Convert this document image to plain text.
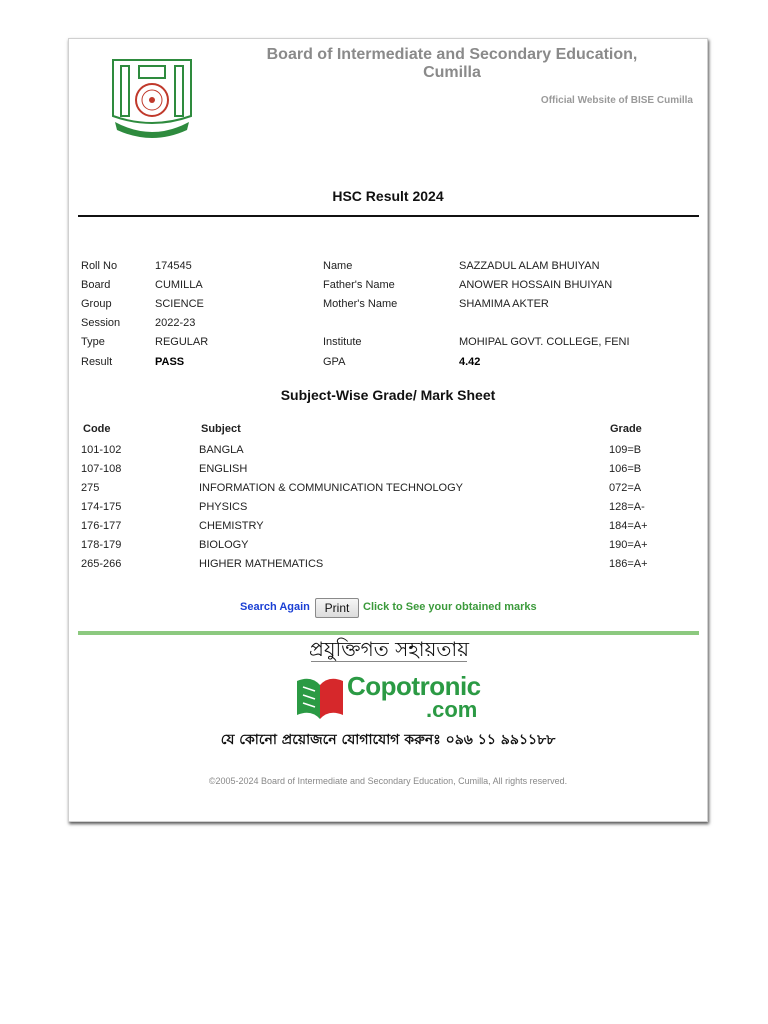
Board of Intermediate and Secondary Education, Cumilla
Official Website of BISE Cumilla
HSC Result 2024
Roll No	174545	Name	SAZZADUL ALAM BHUIYAN
Board	CUMILLA	Father's Name	ANOWER HOSSAIN BHUIYAN
Group	SCIENCE	Mother's Name	SHAMIMA AKTER
Session	2022-23
Type	REGULAR	Institute	MOHIPAL GOVT. COLLEGE, FENI
Result	PASS	GPA	4.42
Subject-Wise Grade/ Mark Sheet
Code	Subject	Grade
101-102	BANGLA	109=B
107-108	ENGLISH	106=B
275	INFORMATION & COMMUNICATION TECHNOLOGY	072=A
174-175	PHYSICS	128=A-
176-177	CHEMISTRY	184=A+
178-179	BIOLOGY	190=A+
265-266	HIGHER MATHEMATICS	186=A+
Search Again	Print	Click to See your obtained marks
প্রযুক্তিগত সহায়তায়
Copotronic
.com
যে কোনো প্রয়োজনে যোগাযোগ করুনঃ ০৯৬ ১১ ৯৯১১৮৮
©2005-2024 Board of Intermediate and Secondary Education, Cumilla, All rights reserved.
